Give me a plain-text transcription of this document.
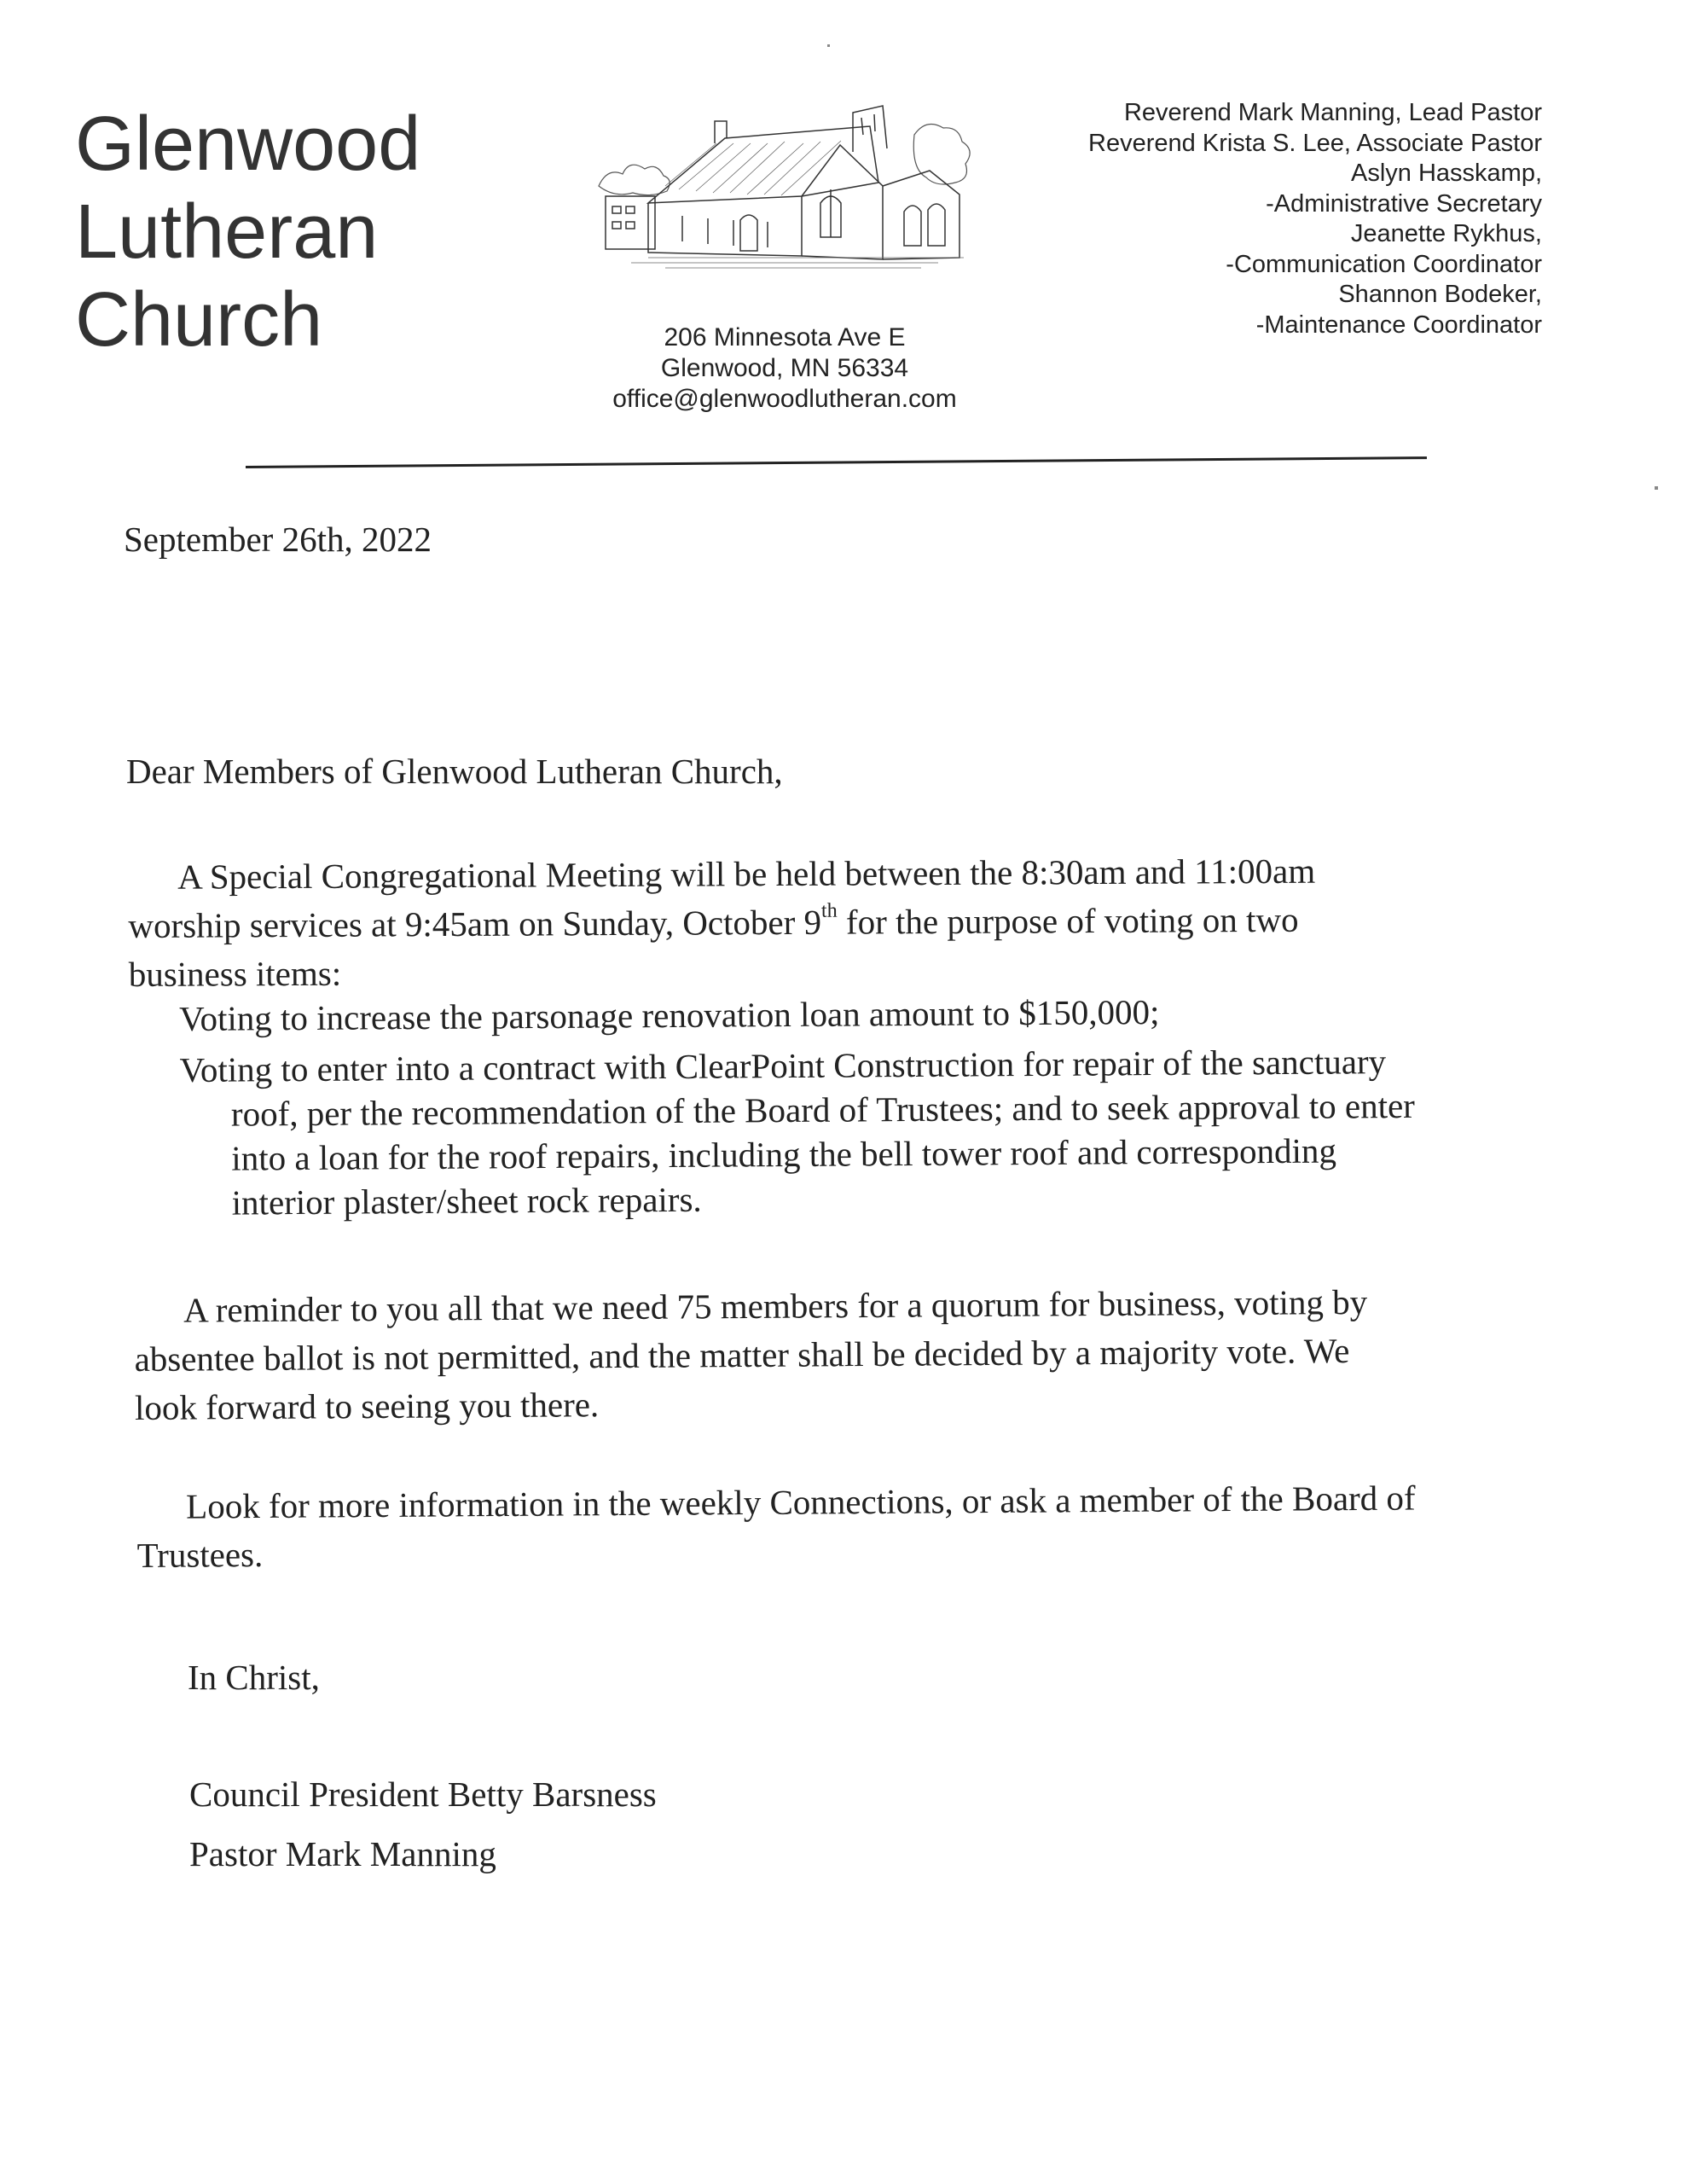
Glenwood
Lutheran
Church	206 Minnesota Ave E
Glenwood, MN 56334
office@glenwoodlutheran.com
Reverend Mark Manning, Lead Pastor
Reverend Krista S. Lee, Associate Pastor
Aslyn Hasskamp,
-Administrative Secretary
Jeanette Rykhus,
-Communication Coordinator
Shannon Bodeker,
-Maintenance Coordinator
September 26th, 2022
Dear Members of Glenwood Lutheran Church,
A Special Congregational Meeting will be held between the 8:30am and 11:00am
worship services at 9:45am on Sunday, October 9th for the purpose of voting on two
business items:
Voting to increase the parsonage renovation loan amount to $150,000;
Voting to enter into a contract with ClearPoint Construction for repair of the sanctuary
roof, per the recommendation of the Board of Trustees; and to seek approval to enter
into a loan for the roof repairs, including the bell tower roof and corresponding
interior plaster/sheet rock repairs.
A reminder to you all that we need 75 members for a quorum for business, voting by
absentee ballot is not permitted, and the matter shall be decided by a majority vote. We
look forward to seeing you there.
Look for more information in the weekly Connections, or ask a member of the Board of
Trustees.
In Christ,
Council President Betty Barsness
Pastor Mark Manning
